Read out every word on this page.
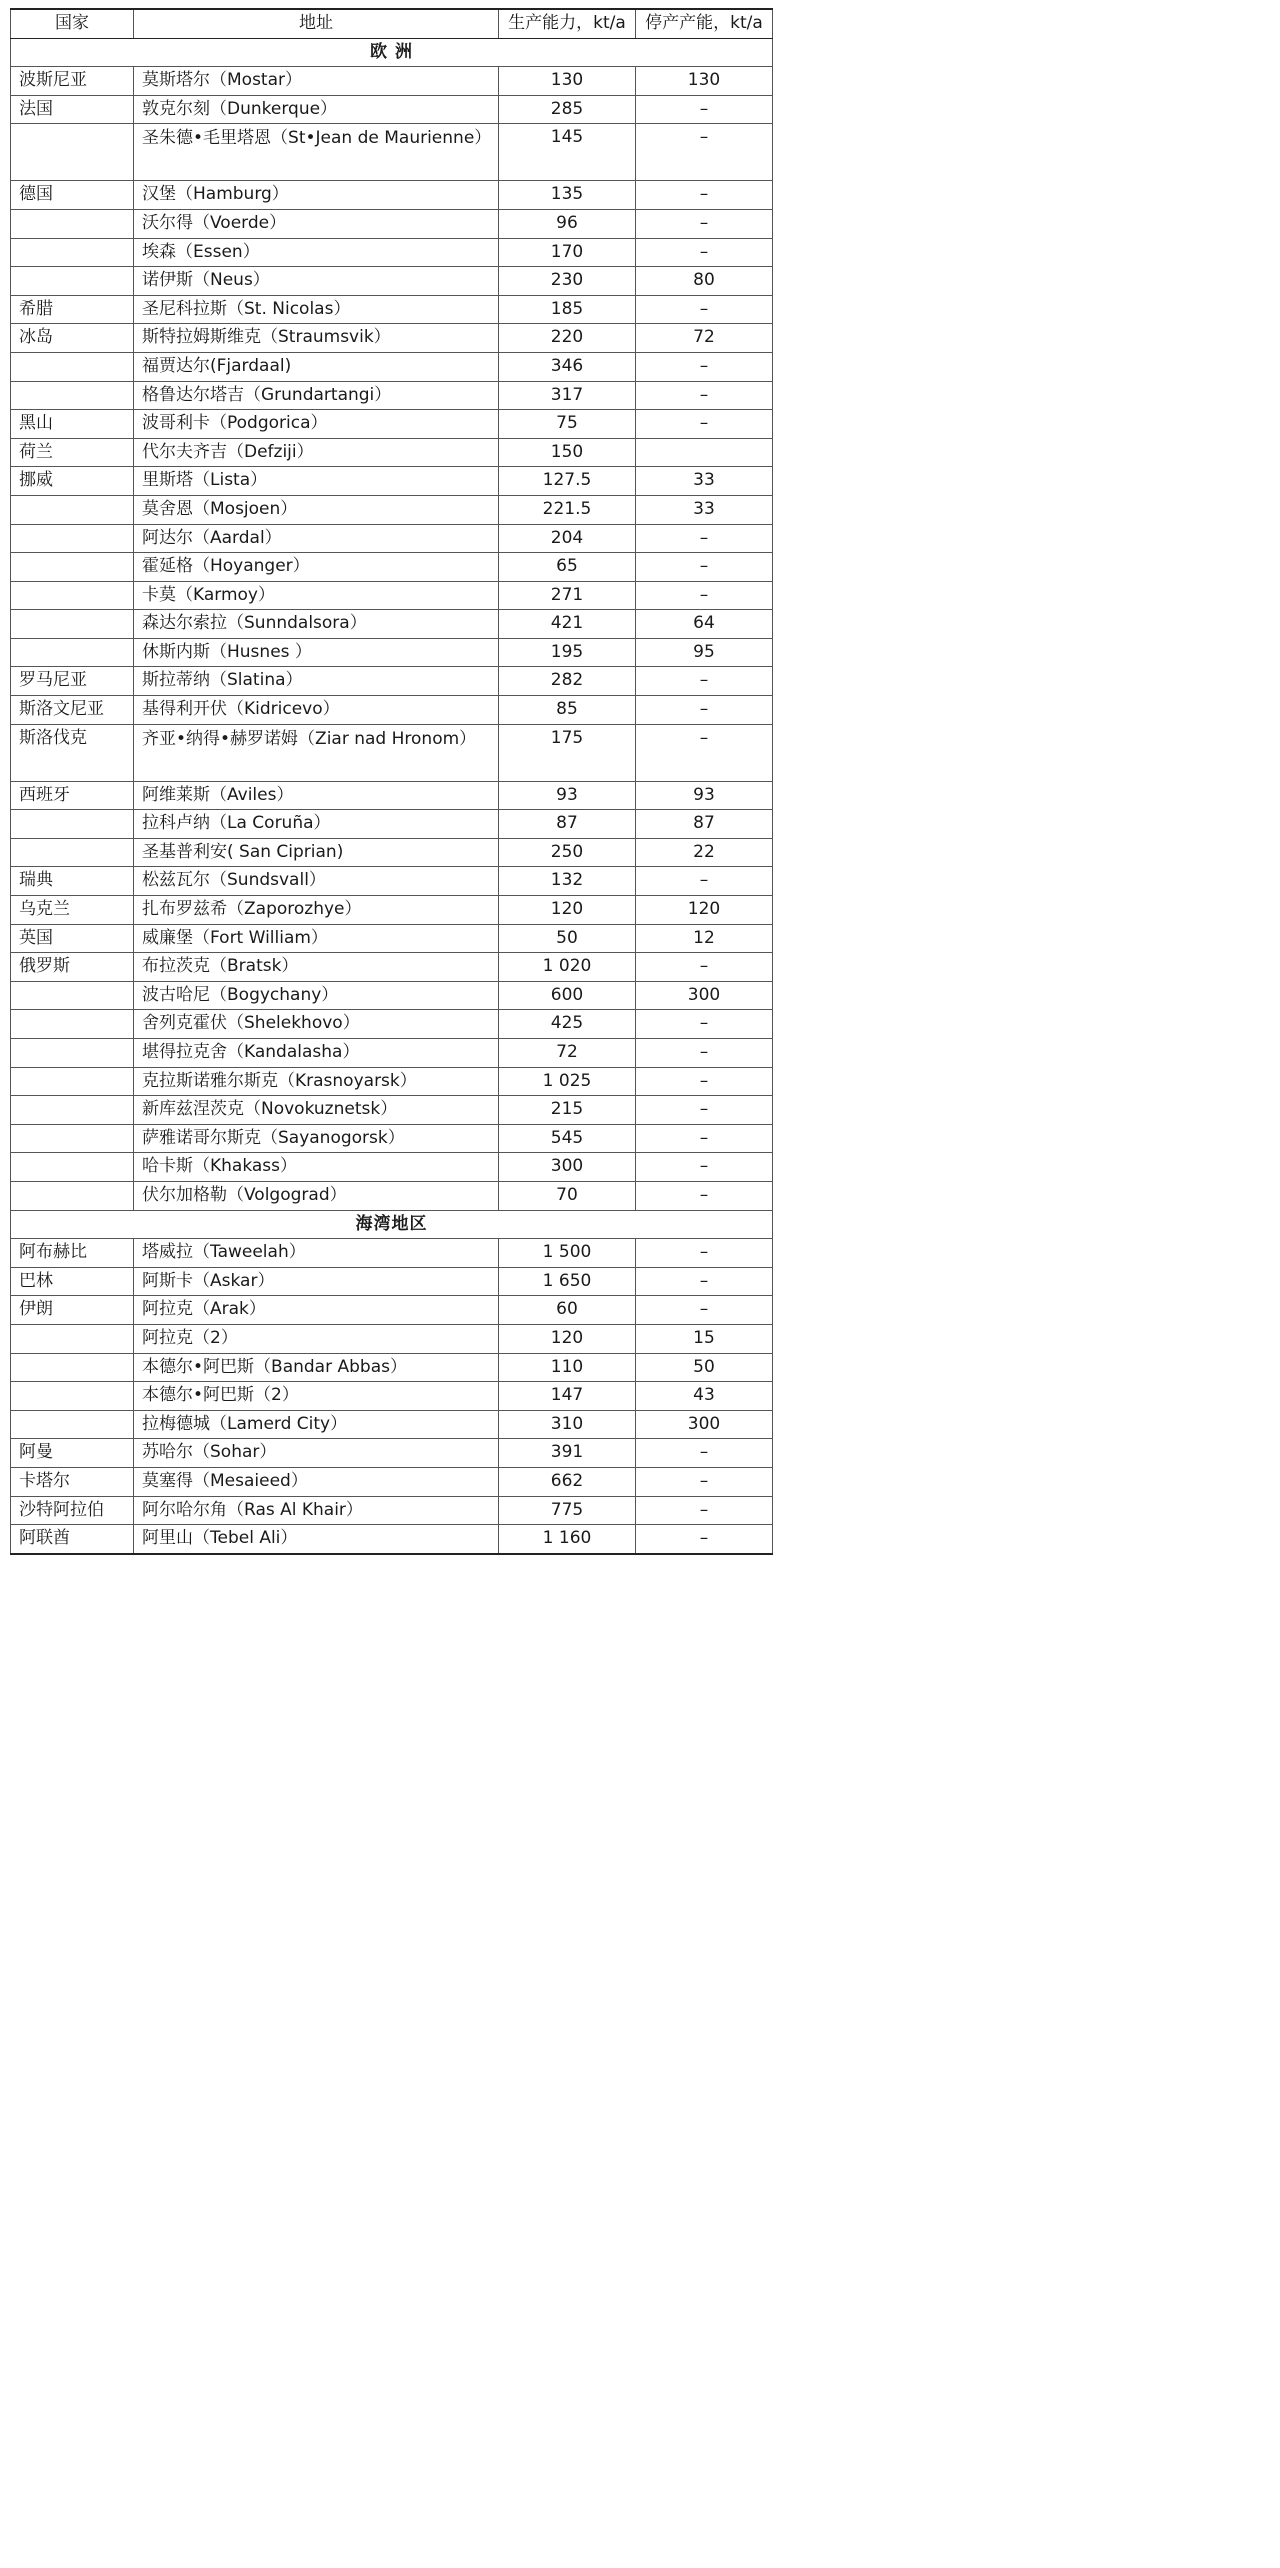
国家	地址	生产能力，kt/a	停产产能，kt/a
欧 洲			
波斯尼亚	莫斯塔尔（Mostar）	130	130
法国	敦克尔刻（Dunkerque）	285	–
	圣朱德•毛里塔恩（St•Jean de Maurienne）	145	–
德国	汉堡（Hamburg）	135	–
	沃尔得（Voerde）	96	–
	埃森（Essen）	170	–
	诺伊斯（Neus）	230	80
希腊	圣尼科拉斯（St. Nicolas）	185	–
冰岛	斯特拉姆斯维克（Straumsvik）	220	72
	福贾达尔(Fjardaal)	346	–
	格鲁达尔塔吉（Grundartangi）	317	–
黑山	波哥利卡（Podgorica）	75	–
荷兰	代尔夫齐吉（Defziji）	150	
挪威	里斯塔（Lista）	127.5	33
	莫舍恩（Mosjoen）	221.5	33
	阿达尔（Aardal）	204	–
	霍延格（Hoyanger）	65	–
	卡莫（Karmoy）	271	–
	森达尔索拉（Sunndalsora）	421	64
	休斯内斯（Husnes ）	195	95
罗马尼亚	斯拉蒂纳（Slatina）	282	–
斯洛文尼亚	基得利开伏（Kidricevo）	85	–
斯洛伐克	齐亚•纳得•赫罗诺姆（Ziar nad Hronom）	175	–
西班牙	阿维莱斯（Aviles）	93	93
	拉科卢纳（La Coruña）	87	87
	圣基普利安( San Ciprian)	250	22
瑞典	松兹瓦尔（Sundsvall）	132	–
乌克兰	扎布罗兹希（Zaporozhye）	120	120
英国	威廉堡（Fort William）	50	12
俄罗斯	布拉茨克（Bratsk）	1 020	–
	波古哈尼（Bogychany）	600	300
	舍列克霍伏（Shelekhovo）	425	–
	堪得拉克舍（Kandalasha）	72	–
	克拉斯诺雅尔斯克（Krasnoyarsk）	1 025	–
	新库兹涅茨克（Novokuznetsk）	215	–
	萨雅诺哥尔斯克（Sayanogorsk）	545	–
	哈卡斯（Khakass）	300	–
	伏尔加格勒（Volgograd）	70	–
海湾地区			
阿布赫比	塔威拉（Taweelah）	1 500	–
巴林	阿斯卡（Askar）	1 650	–
伊朗	阿拉克（Arak）	60	–
	阿拉克（2）	120	15
	本德尔•阿巴斯（Bandar Abbas）	110	50
	本德尔•阿巴斯（2）	147	43
	拉梅德城（Lamerd City）	310	300
阿曼	苏哈尔（Sohar）	391	–
卡塔尔	莫塞得（Mesaieed）	662	–
沙特阿拉伯	阿尔哈尔角（Ras Al Khair）	775	–
阿联酋	阿里山（Tebel Ali）	1 160	–
